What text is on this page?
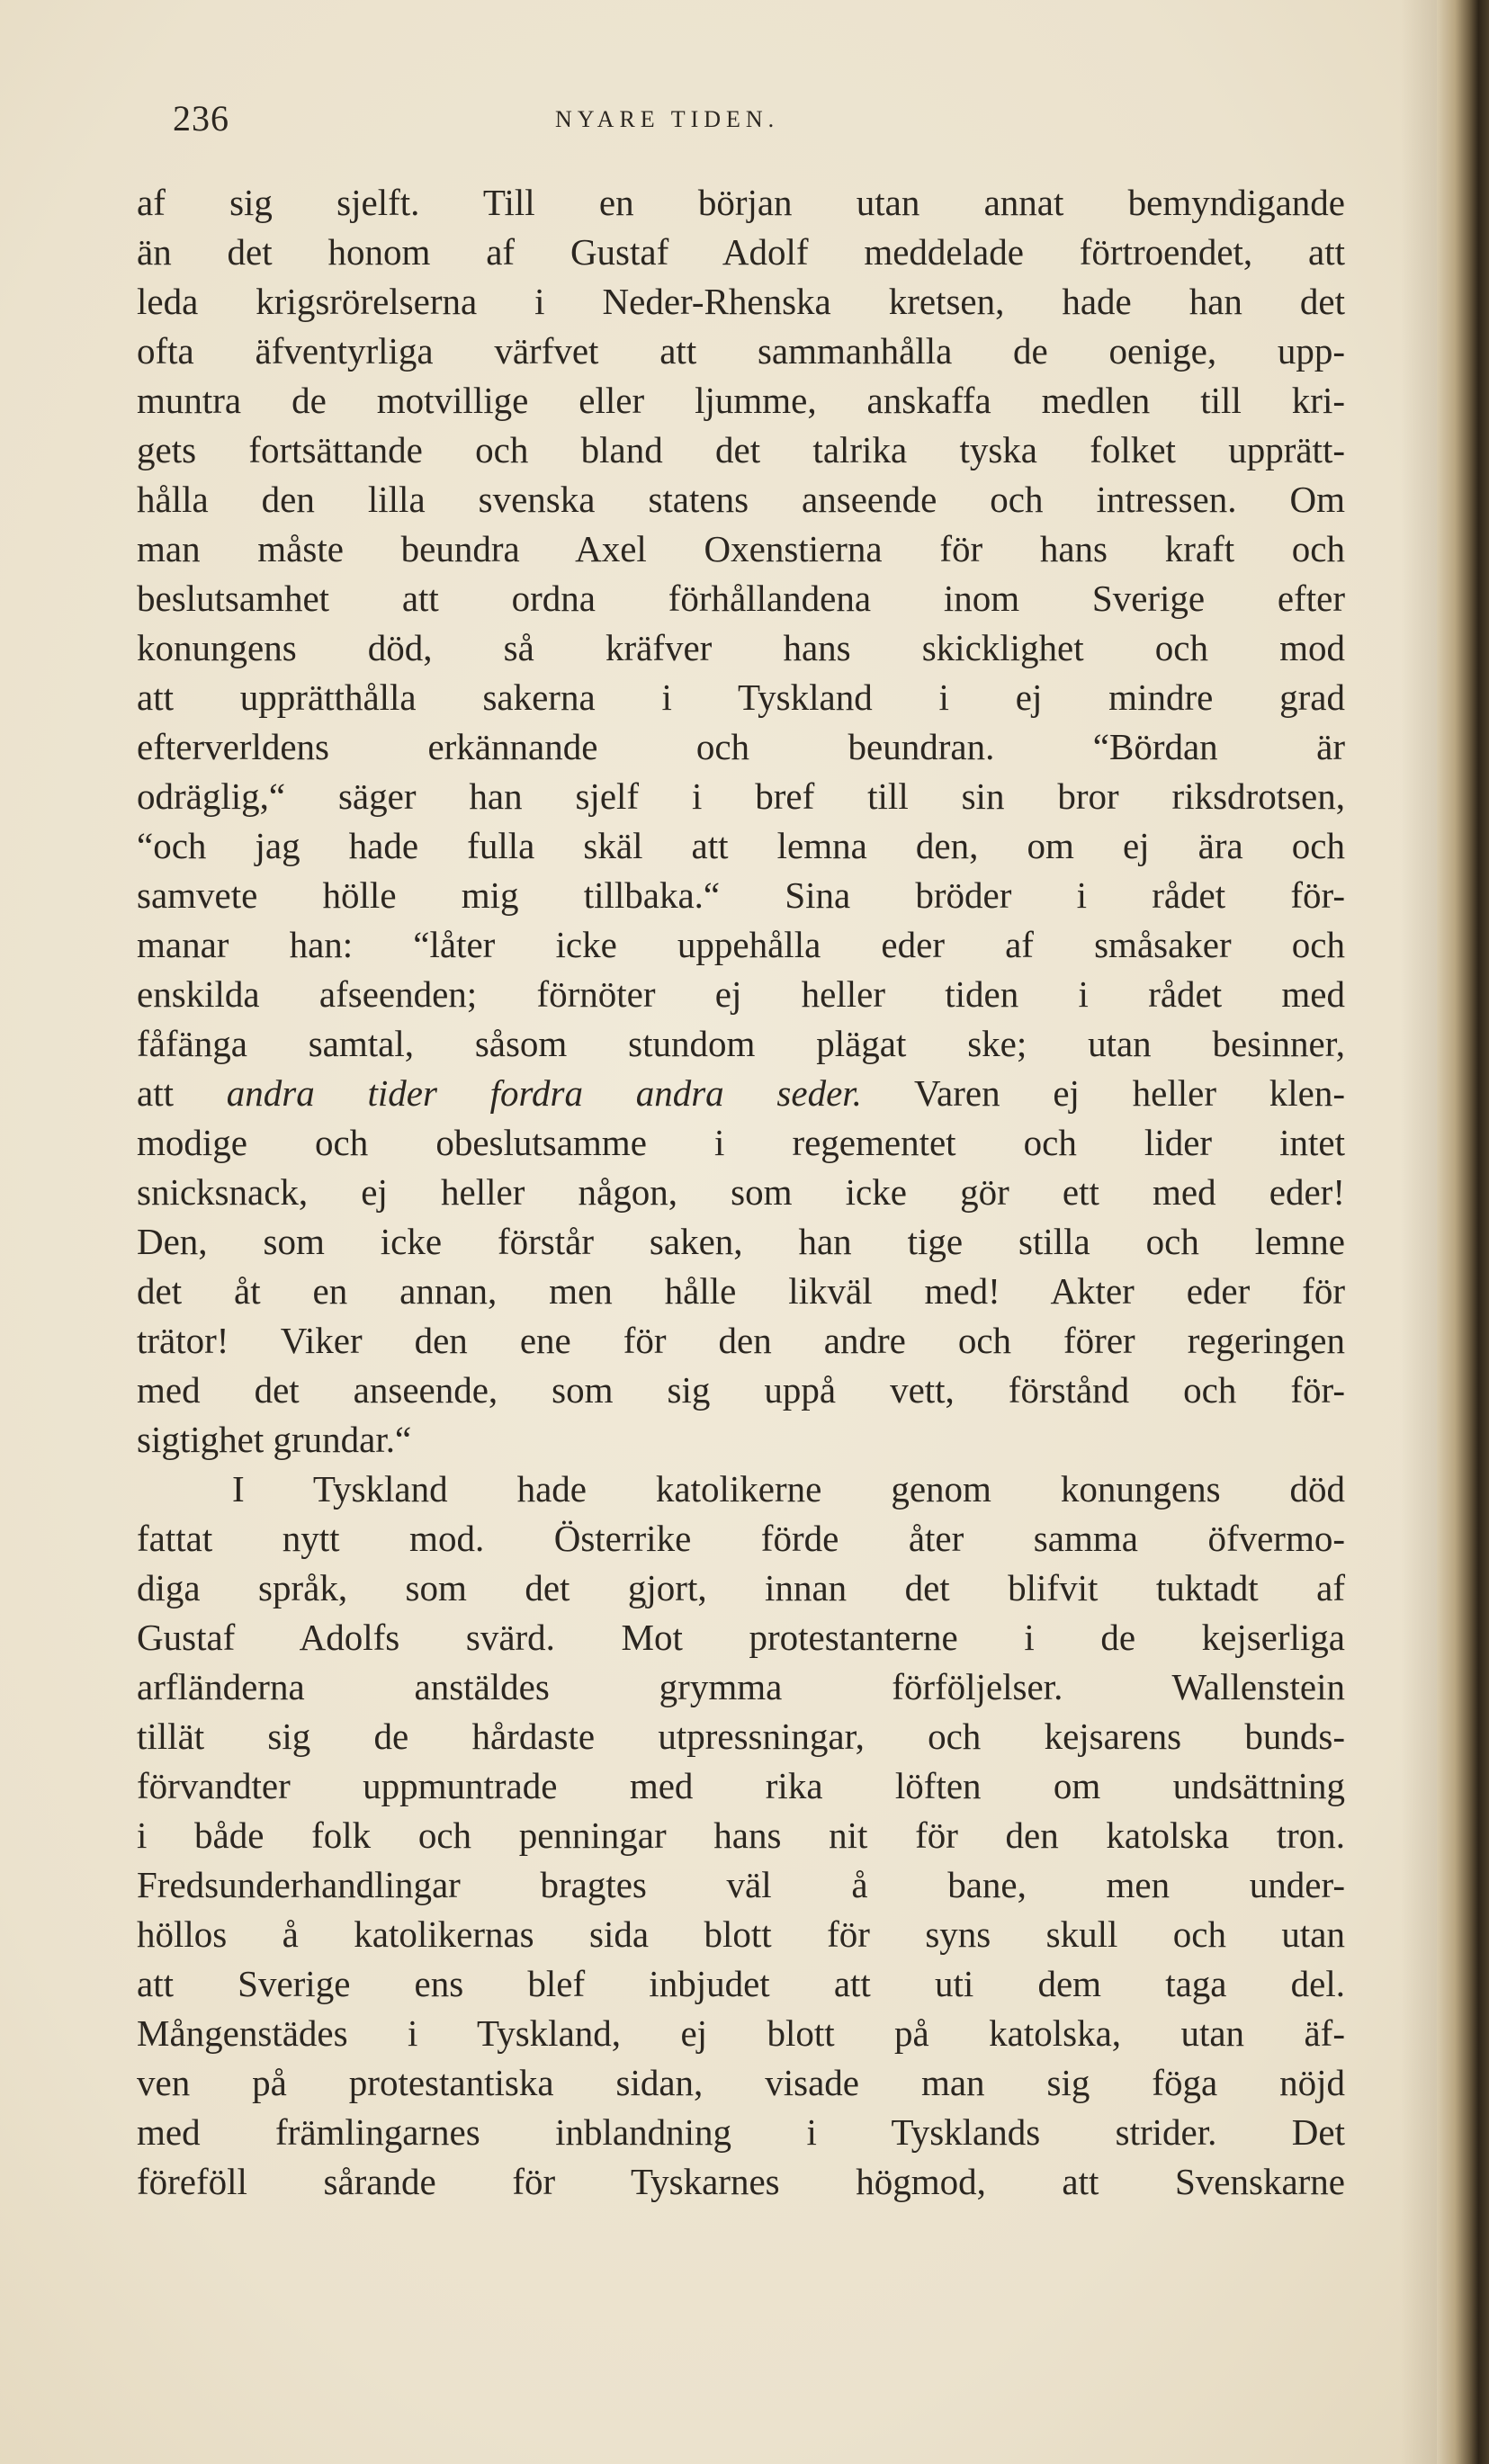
236	NYARE TIDEN.
af sig sjelft. Till en början utan annat bemyndigande
än det honom af Gustaf Adolf meddelade förtroendet, att
leda krigsrörelserna i Neder-Rhenska kretsen, hade han det
ofta äfventyrliga värfvet att sammanhålla de oenige, upp-
muntra de motvillige eller ljumme, anskaffa medlen till kri-
gets fortsättande och bland det talrika tyska folket upprätt-
hålla den lilla svenska statens anseende och intressen. Om
man måste beundra Axel Oxenstierna för hans kraft och
beslutsamhet att ordna förhållandena inom Sverige efter
konungens död, så kräfver hans skicklighet och mod
att upprätthålla sakerna i Tyskland i ej mindre grad
efterverldens erkännande och beundran. “Bördan är
odräglig,“ säger han sjelf i bref till sin bror riksdrotsen,
“och jag hade fulla skäl att lemna den, om ej ära och
samvete hölle mig tillbaka.“ Sina bröder i rådet för-
manar han: “låter icke uppehålla eder af småsaker och
enskilda afseenden; förnöter ej heller tiden i rådet med
fåfänga samtal, såsom stundom plägat ske; utan besinner,
att andra tider fordra andra seder. Varen ej heller klen-
modige och obeslutsamme i regementet och lider intet
snicksnack, ej heller någon, som icke gör ett med eder!
Den, som icke förstår saken, han tige stilla och lemne
det åt en annan, men hålle likväl med! Akter eder för
trätor! Viker den ene för den andre och förer regeringen
med det anseende, som sig uppå vett, förstånd och för-
sigtighet grundar.“
I Tyskland hade katolikerne genom konungens död
fattat nytt mod. Österrike förde åter samma öfvermo-
diga språk, som det gjort, innan det blifvit tuktadt af
Gustaf Adolfs svärd. Mot protestanterne i de kejserliga
arfländerna anstäldes grymma förföljelser. Wallenstein
tillät sig de hårdaste utpressningar, och kejsarens bunds-
förvandter uppmuntrade med rika löften om undsättning
i både folk och penningar hans nit för den katolska tron.
Fredsunderhandlingar bragtes väl å bane, men under-
höllos å katolikernas sida blott för syns skull och utan
att Sverige ens blef inbjudet att uti dem taga del.
Mångenstädes i Tyskland, ej blott på katolska, utan äf-
ven på protestantiska sidan, visade man sig föga nöjd
med främlingarnes inblandning i Tysklands strider. Det
föreföll sårande för Tyskarnes högmod, att Svenskarne
